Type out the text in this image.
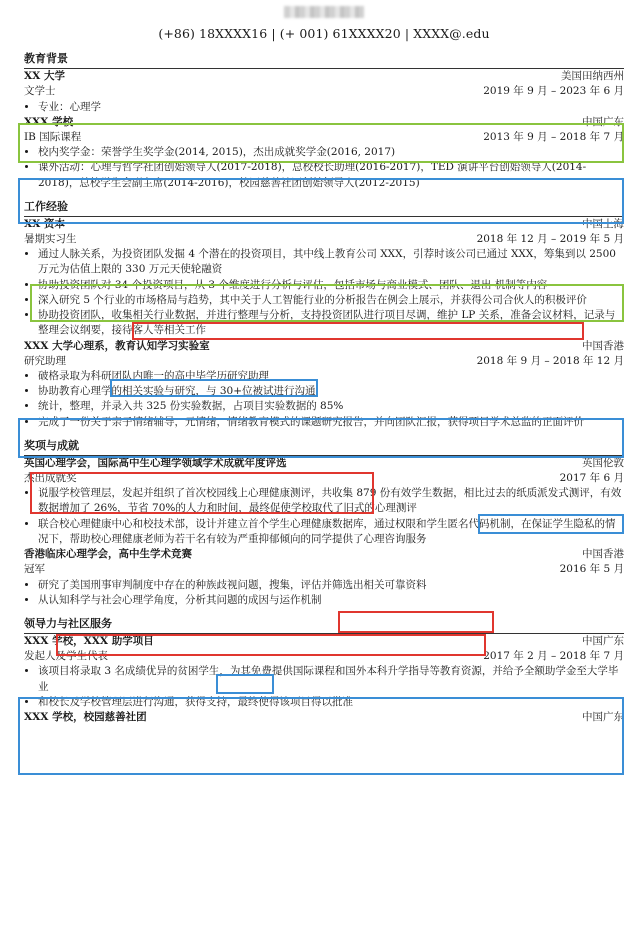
(+86) 18XXXX16 | (+ 001) 61XXXX20 | XXXX@.edu
教育背景
XX 大学	美国田纳西州
文学士	2019 年 9 月 – 2023 年 6 月
• 专业：心理学
XXX 学校	中国广东
IB 国际课程	2013 年 9 月 – 2018 年 7 月
• 校内奖学金：荣誉学生奖学金(2014, 2015)，杰出成就奖学金(2016, 2017)
• 课外活动：心理与哲学社团创始领导人(2017-2018)，总校校长助理(2016-2017)，TED 演讲平台创始领导人(2014-2018)，总校学生会副主席(2014-2016)，校园慈善社团创始领导人(2012-2015)
工作经验
XX 资本	中国上海
暑期实习生	2018 年 12 月 – 2019 年 5 月
• 通过人脉关系，为投资团队发掘 4 个潜在的投资项目，其中线上教育公司 XXX，引荐时该公司已通过 XXX，筹集到以 2500 万元为估值上限的 330 万元天使轮融资
• 协助投资团队对 34 个投资项目，从 3 个维度进行分析与评估，包括市场与商业模式、团队、退出 机制等内容
• 深入研究 5 个行业的市场格局与趋势，其中关于人工智能行业的分析报告在例会上展示，并获得公司合伙人的积极评价
• 协助投资团队，收集相关行业数据，并进行整理与分析，支持投资团队进行项目尽调，维护 LP 关系，准备会议材料，记录与整理会议纲要，接待客人等相关工作
XXX 大学心理系，教育认知学习实验室	中国香港
研究助理	2018 年 9 月 – 2018 年 12 月
• 破格录取为科研团队内唯一的高中毕学历研究助理
• 协助教育心理学的相关实验与研究，与 30+位被试进行沟通
• 统计，整理，并录入共 325 份实验数据，占项目实验数据的 85%
• 完成了一份关于亲子情绪辅导，元情绪，情绪教育模式的课题研究报告，并向团队汇报，获得项目学术总监的正面评价
奖项与成就
英国心理学会，国际高中生心理学领域学术成就年度评选	英国伦敦
杰出成就奖	2017 年 6 月
• 说服学校管理层，发起并组织了首次校园线上心理健康测评，共收集 879 份有效学生数据，相比过去的纸质派发式测评，有效数据增加了 26%，节省 70%的人力和时间，最终促使学校取代了旧式的心理测评
• 联合校心理健康中心和校技术部，设计并建立首个学生心理健康数据库，通过权限和学生匿名代码机制，在保证学生隐私的情况下，帮助校心理健康老师为若干名有较为严重抑郁倾向的同学提供了心理咨询服务
香港临床心理学会，高中生学术竞赛	中国香港
冠军	2016 年 5 月
• 研究了美国刑事审判制度中存在的种族歧视问题，搜集，评估并筛选出相关可靠资料
• 从认知科学与社会心理学角度，分析其问题的成因与运作机制
领导力与社区服务
XXX 学校，XXX 助学项目	中国广东
发起人及学生代表	2017 年 2 月 – 2018 年 7 月
• 该项目将录取 3 名成绩优异的贫困学生，为其免费提供国际课程和国外本科升学指导等教育资源，并给予全额助学金至大学毕业
• 和校长及学校管理层进行沟通，获得支持，最终使得该项目得以批准
XXX 学校，校园慈善社团	中国广东
